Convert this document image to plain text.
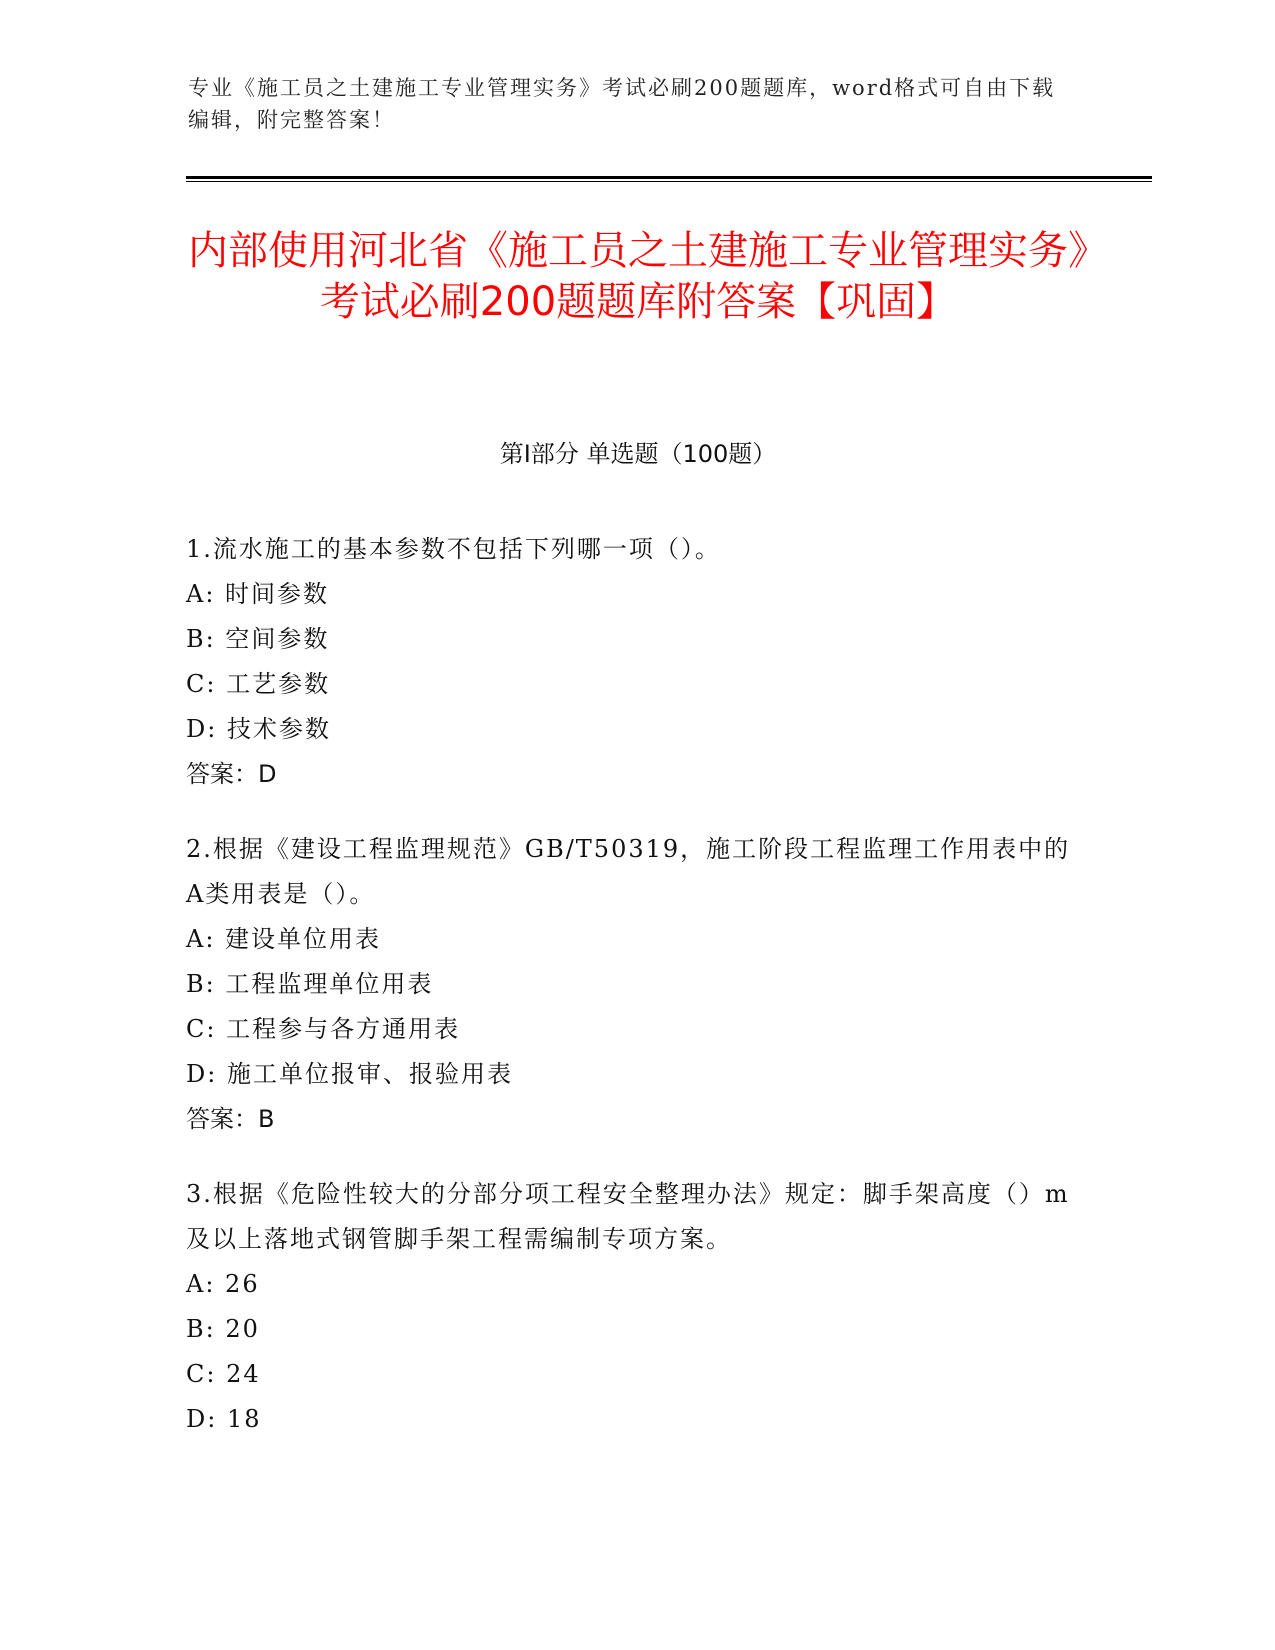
专业《施工员之土建施工专业管理实务》考试必刷200题题库，word格式可自由下载编辑，附完整答案！
内部使用河北省《施工员之土建施工专业管理实务》考试必刷200题题库附答案【巩固】
第I部分 单选题（100题）

1.流水施工的基本参数不包括下列哪一项（）。

A: 时间参数

B: 空间参数

C: 工艺参数

D: 技术参数

答案：D

2.根据《建设工程监理规范》GB/T50319，施工阶段工程监理工作用表中的A类用表是（）。

A: 建设单位用表

B: 工程监理单位用表

C: 工程参与各方通用表

D: 施工单位报审、报验用表

答案：B

3.根据《危险性较大的分部分项工程安全整理办法》规定：脚手架高度（）m及以上落地式钢管脚手架工程需编制专项方案。

A: 26

B: 20

C: 24

D: 18
